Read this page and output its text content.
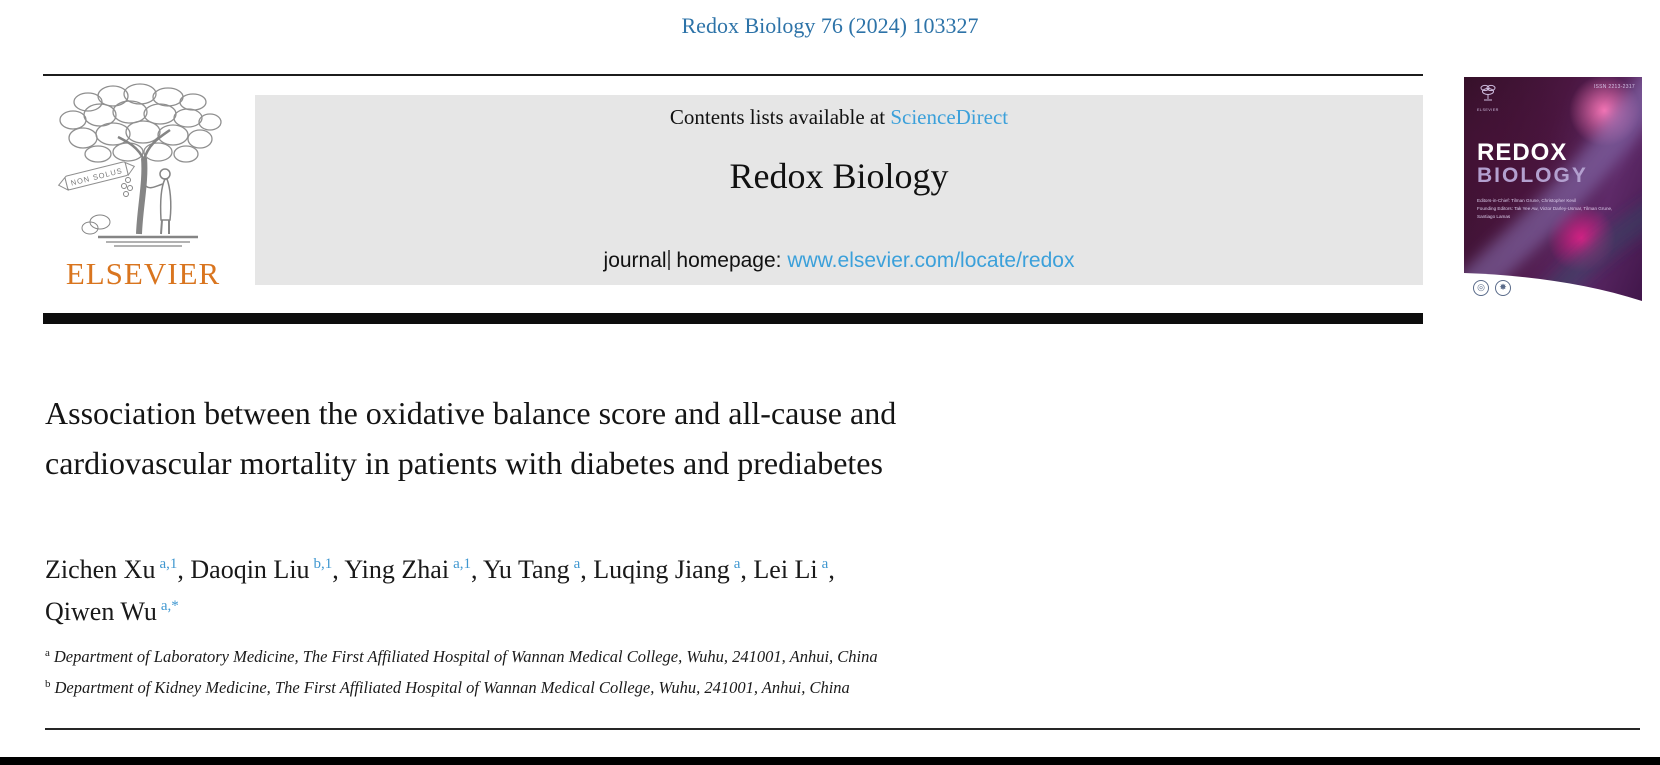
Redox Biology 76 (2024) 103327
NON SOLUS
ELSEVIER
Contents lists available at ScienceDirect
Redox Biology
journal homepage: www.elsevier.com/locate/redox
ISSN 2213-2317
ELSEVIER
REDOX
BIOLOGY
Editors-in-Chief: Tilman Grune, Christopher Kevil
Founding Editors: Tak Yee Aw, Victor Darley-Usmar, Tilman Grune, Santiago Lamas
◎	✸
Association between the oxidative balance score and all-cause and
cardiovascular mortality in patients with diabetes and prediabetes
Zichen Xu $^{a,1}$, Daoqin Liu $^{b,1}$, Ying Zhai $^{a,1}$, Yu Tang $^a$, Luqing Jiang $^a$, Lei Li $^a$,
Qiwen Wu $^{a,*}$
$^a$ Department of Laboratory Medicine, The First Affiliated Hospital of Wannan Medical College, Wuhu, 241001, Anhui, China
$^b$ Department of Kidney Medicine, The First Affiliated Hospital of Wannan Medical College, Wuhu, 241001, Anhui, China
